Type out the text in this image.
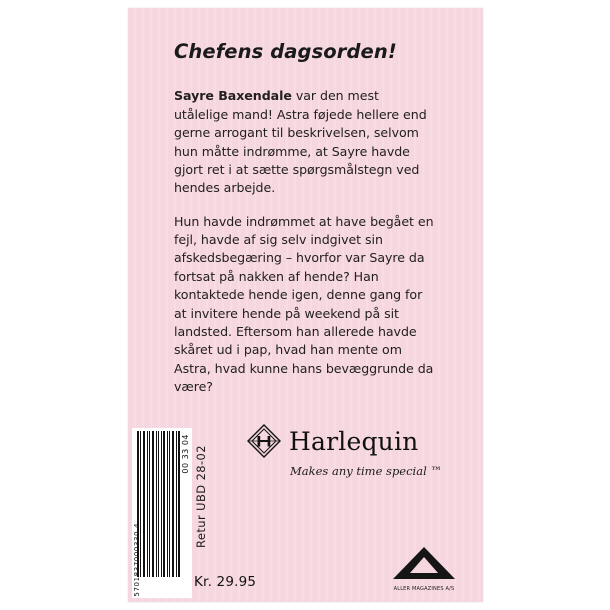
Chefens dagsorden!

Sayre Baxendale var den mest utålelige mand! Astra føjede hellere end gerne arrogant til beskrivelsen, selvom hun måtte indrømme, at Sayre havde gjort ret i at sætte spørgsmålstegn ved hendes arbejde.

Hun havde indrømmet at have begået en fejl, havde af sig selv indgivet sin afskedsbegæring – hvorfor var Sayre da fortsat på nakken af hende? Han kontaktede hende igen, denne gang for at invitere hende på weekend på sit landsted. Eftersom han allerede havde skåret ud i pap, hvad han mente om Astra, hvad kunne hans bevæggrunde da være?

Harlequin
Makes any time special ™
5701837000330 4
00 33 04 Retur UBD 28-02
Kr. 29.95	ALLER MAGAZINES A/S
